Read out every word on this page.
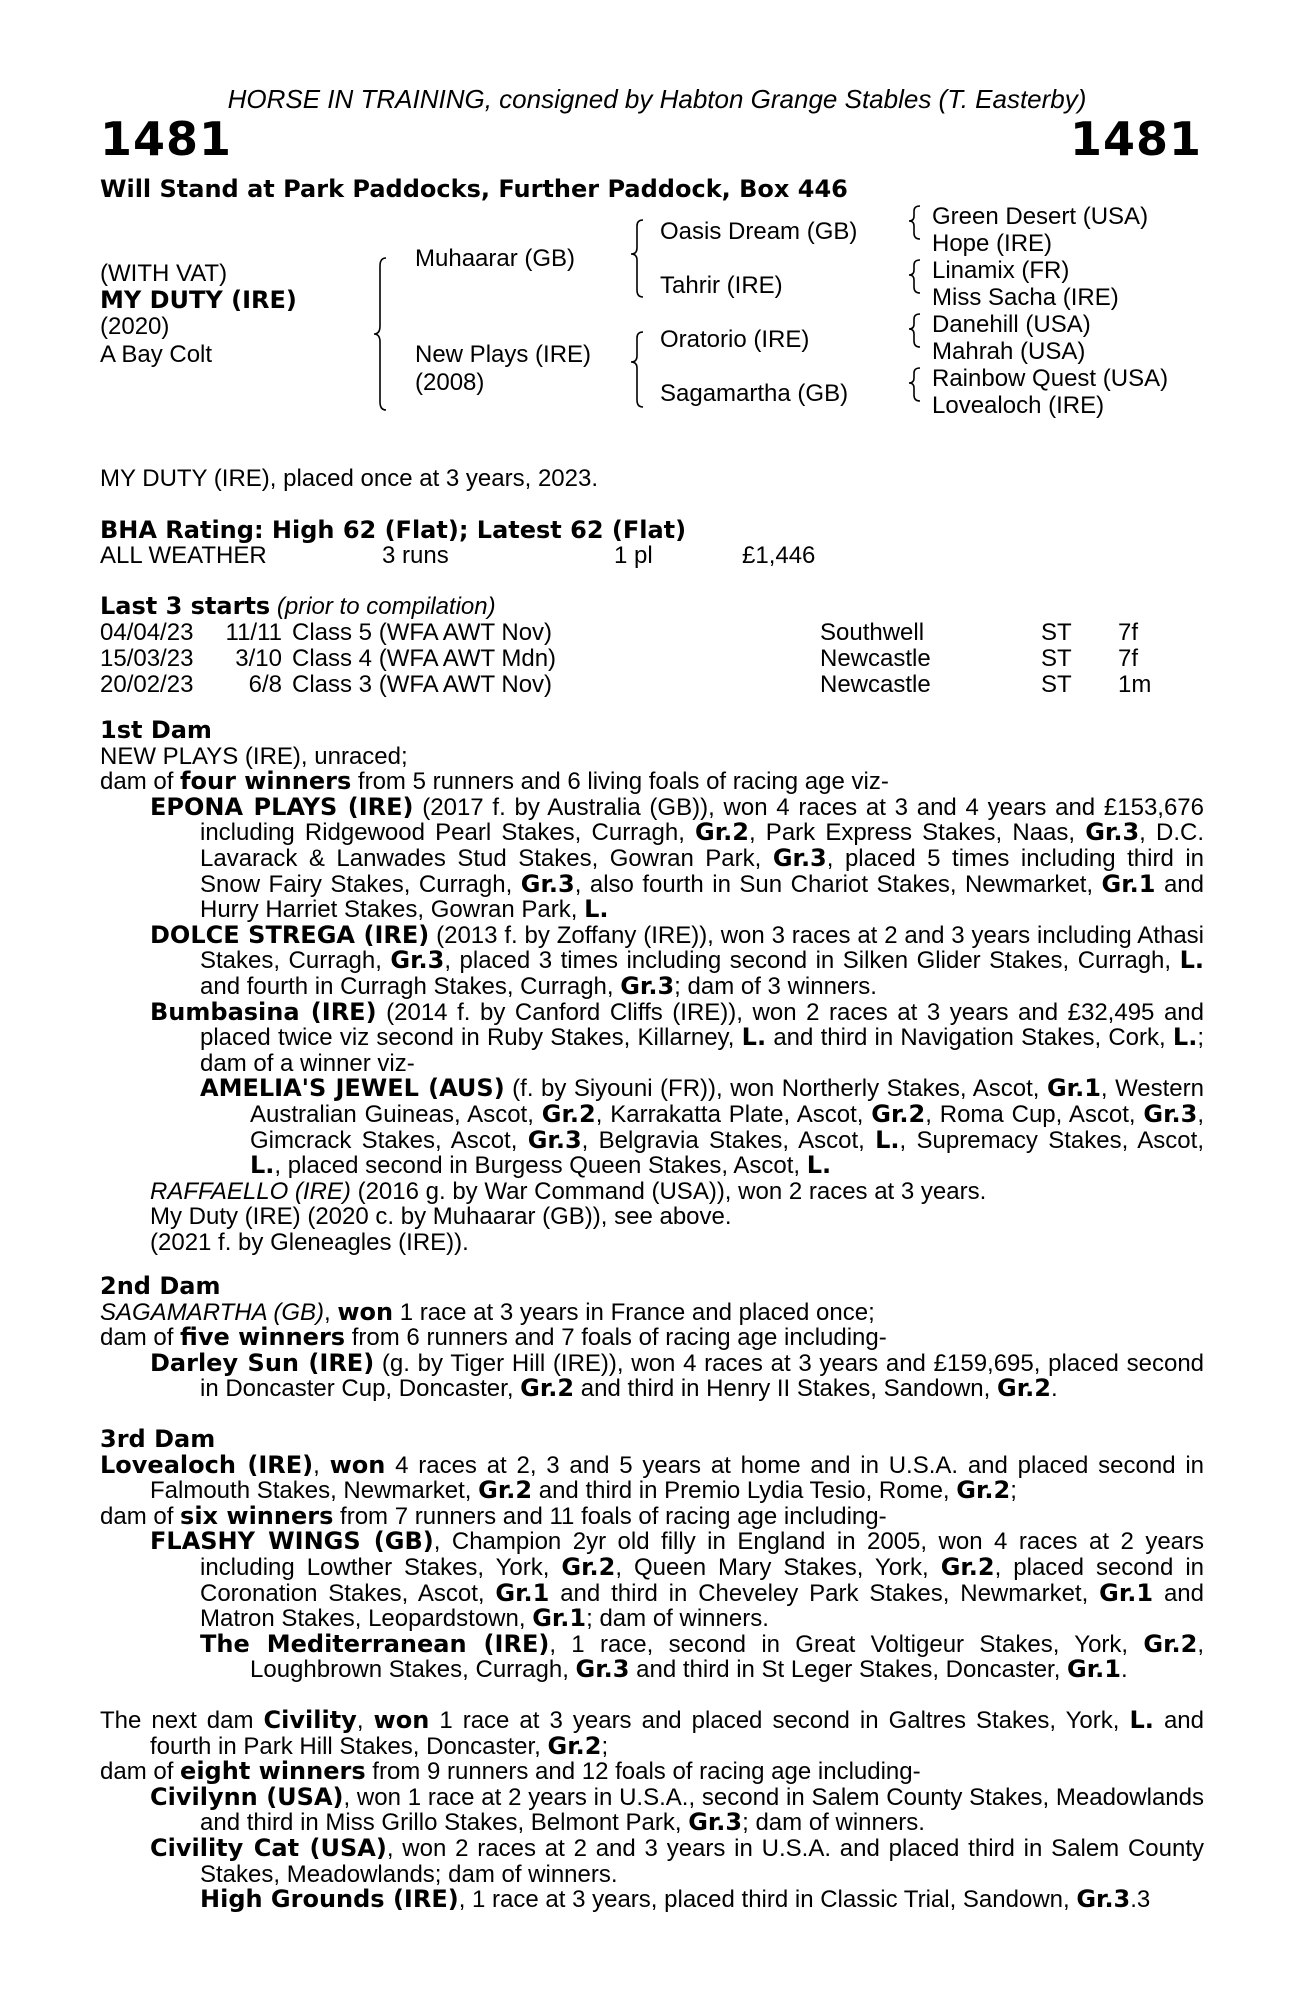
HORSE IN TRAINING, consigned by Habton Grange Stables (T. Easterby)
1481	1481
Will Stand at Park Paddocks, Further Paddock, Box 446
(WITH VAT)
MY DUTY (IRE)
(2020)
A Bay Colt
Muhaarar (GB)
New Plays (IRE)
(2008)
Oasis Dream (GB)
Tahrir (IRE)
Oratorio (IRE)
Sagamartha (GB)
Green Desert (USA)
Hope (IRE)
Linamix (FR)
Miss Sacha (IRE)
Danehill (USA)
Mahrah (USA)
Rainbow Quest (USA)
Lovealoch (IRE)
MY DUTY (IRE), placed once at 3 years, 2023.
BHA Rating: High 62 (Flat); Latest 62 (Flat)
ALL WEATHER	3 runs	1 pl	£1,446
Last 3 starts (prior to compilation)
04/04/23 11/11 Class 5 (WFA AWT Nov)	Southwell	ST 7f
15/03/23 3/10 Class 4 (WFA AWT Mdn)	Newcastle	ST 7f
20/02/23 6/8 Class 3 (WFA AWT Nov)	Newcastle	ST 1m

1st Dam

NEW PLAYS (IRE), unraced;

dam of four winners from 5 runners and 6 living foals of racing age viz-

EPONA PLAYS (IRE) (2017 f. by Australia (GB)), won 4 races at 3 and 4 years and £153,676 including Ridgewood Pearl Stakes, Curragh, Gr.2, Park Express Stakes, Naas, Gr.3, D.C. Lavarack & Lanwades Stud Stakes, Gowran Park, Gr.3, placed 5 times including third in Snow Fairy Stakes, Curragh, Gr.3, also fourth in Sun Chariot Stakes, Newmarket, Gr.1 and Hurry Harriet Stakes, Gowran Park, L.

DOLCE STREGA (IRE) (2013 f. by Zoffany (IRE)), won 3 races at 2 and 3 years including Athasi Stakes, Curragh, Gr.3, placed 3 times including second in Silken Glider Stakes, Curragh, L. and fourth in Curragh Stakes, Curragh, Gr.3; dam of 3 winners.

Bumbasina (IRE) (2014 f. by Canford Cliffs (IRE)), won 2 races at 3 years and £32,495 and placed twice viz second in Ruby Stakes, Killarney, L. and third in Navigation Stakes, Cork, L.; dam of a winner viz-

AMELIA'S JEWEL (AUS) (f. by Siyouni (FR)), won Northerly Stakes, Ascot, Gr.1, Western Australian Guineas, Ascot, Gr.2, Karrakatta Plate, Ascot, Gr.2, Roma Cup, Ascot, Gr.3, Gimcrack Stakes, Ascot, Gr.3, Belgravia Stakes, Ascot, L., Supremacy Stakes, Ascot, L., placed second in Burgess Queen Stakes, Ascot, L.

RAFFAELLO (IRE) (2016 g. by War Command (USA)), won 2 races at 3 years.

My Duty (IRE) (2020 c. by Muhaarar (GB)), see above.

(2021 f. by Gleneagles (IRE)).

2nd Dam

SAGAMARTHA (GB), won 1 race at 3 years in France and placed once;

dam of five winners from 6 runners and 7 foals of racing age including-

Darley Sun (IRE) (g. by Tiger Hill (IRE)), won 4 races at 3 years and £159,695, placed second in Doncaster Cup, Doncaster, Gr.2 and third in Henry II Stakes, Sandown, Gr.2.

3rd Dam

Lovealoch (IRE), won 4 races at 2, 3 and 5 years at home and in U.S.A. and placed second in Falmouth Stakes, Newmarket, Gr.2 and third in Premio Lydia Tesio, Rome, Gr.2;

dam of six winners from 7 runners and 11 foals of racing age including-

FLASHY WINGS (GB), Champion 2yr old filly in England in 2005, won 4 races at 2 years including Lowther Stakes, York, Gr.2, Queen Mary Stakes, York, Gr.2, placed second in Coronation Stakes, Ascot, Gr.1 and third in Cheveley Park Stakes, Newmarket, Gr.1 and Matron Stakes, Leopardstown, Gr.1; dam of winners.

The Mediterranean (IRE), 1 race, second in Great Voltigeur Stakes, York, Gr.2, Loughbrown Stakes, Curragh, Gr.3 and third in St Leger Stakes, Doncaster, Gr.1.

The next dam Civility, won 1 race at 3 years and placed second in Galtres Stakes, York, L. and fourth in Park Hill Stakes, Doncaster, Gr.2;

dam of eight winners from 9 runners and 12 foals of racing age including-

Civilynn (USA), won 1 race at 2 years in U.S.A., second in Salem County Stakes, Meadowlands and third in Miss Grillo Stakes, Belmont Park, Gr.3; dam of winners.

Civility Cat (USA), won 2 races at 2 and 3 years in U.S.A. and placed third in Salem County Stakes, Meadowlands; dam of winners.

High Grounds (IRE), 1 race at 3 years, placed third in Classic Trial, Sandown, Gr.3.3
